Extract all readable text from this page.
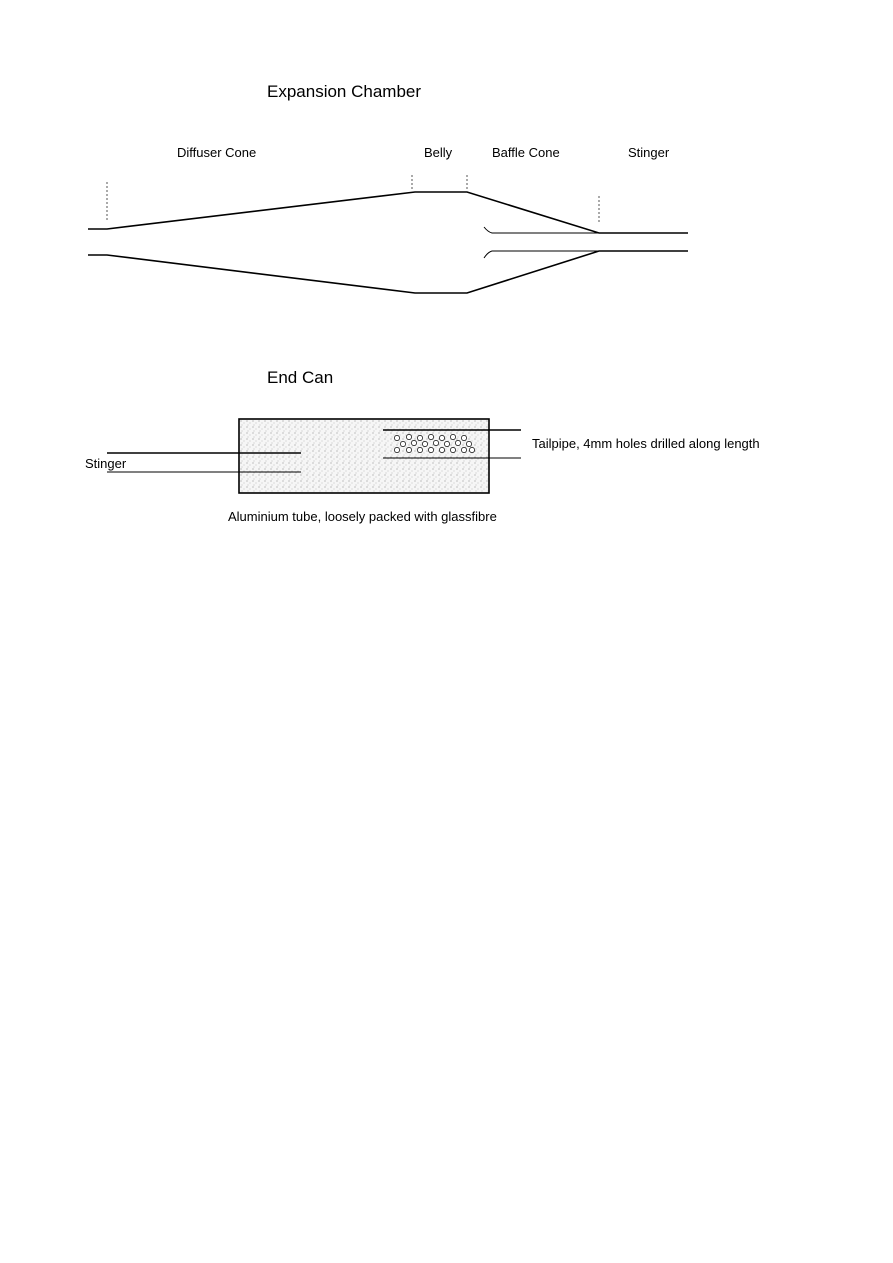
Expansion Chamber
Diffuser Cone	Belly	Baffle Cone	Stinger
End Can
Stinger
Tailpipe, 4mm holes drilled along length
Aluminium tube, loosely packed with glassfibre
